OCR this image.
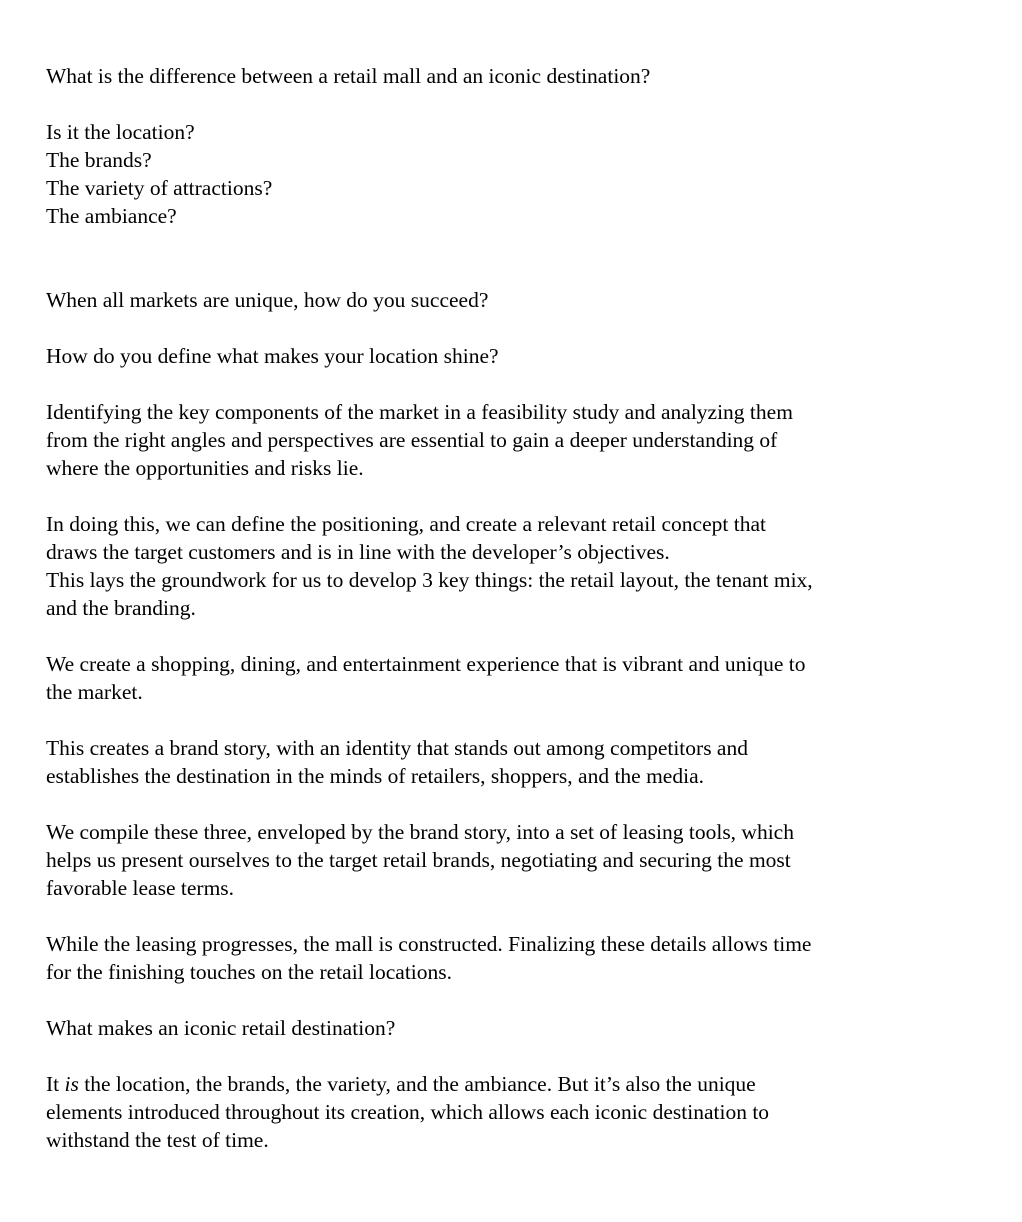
What is the difference between a retail mall and an iconic destination?

Is it the location?
The brands?
The variety of attractions?
The ambiance?

When all markets are unique, how do you succeed?

How do you define what makes your location shine?

Identifying the key components of the market in a feasibility study and analyzing them
from the right angles and perspectives are essential to gain a deeper understanding of
where the opportunities and risks lie.

In doing this, we can define the positioning, and create a relevant retail concept that
draws the target customers and is in line with the developer’s objectives.
This lays the groundwork for us to develop 3 key things: the retail layout, the tenant mix,
and the branding.

We create a shopping, dining, and entertainment experience that is vibrant and unique to
the market.

This creates a brand story, with an identity that stands out among competitors and
establishes the destination in the minds of retailers, shoppers, and the media.

We compile these three, enveloped by the brand story, into a set of leasing tools, which
helps us present ourselves to the target retail brands, negotiating and securing the most
favorable lease terms.

While the leasing progresses, the mall is constructed. Finalizing these details allows time
for the finishing touches on the retail locations.

What makes an iconic retail destination?

It is the location, the brands, the variety, and the ambiance. But it’s also the unique
elements introduced throughout its creation, which allows each iconic destination to
withstand the test of time.
